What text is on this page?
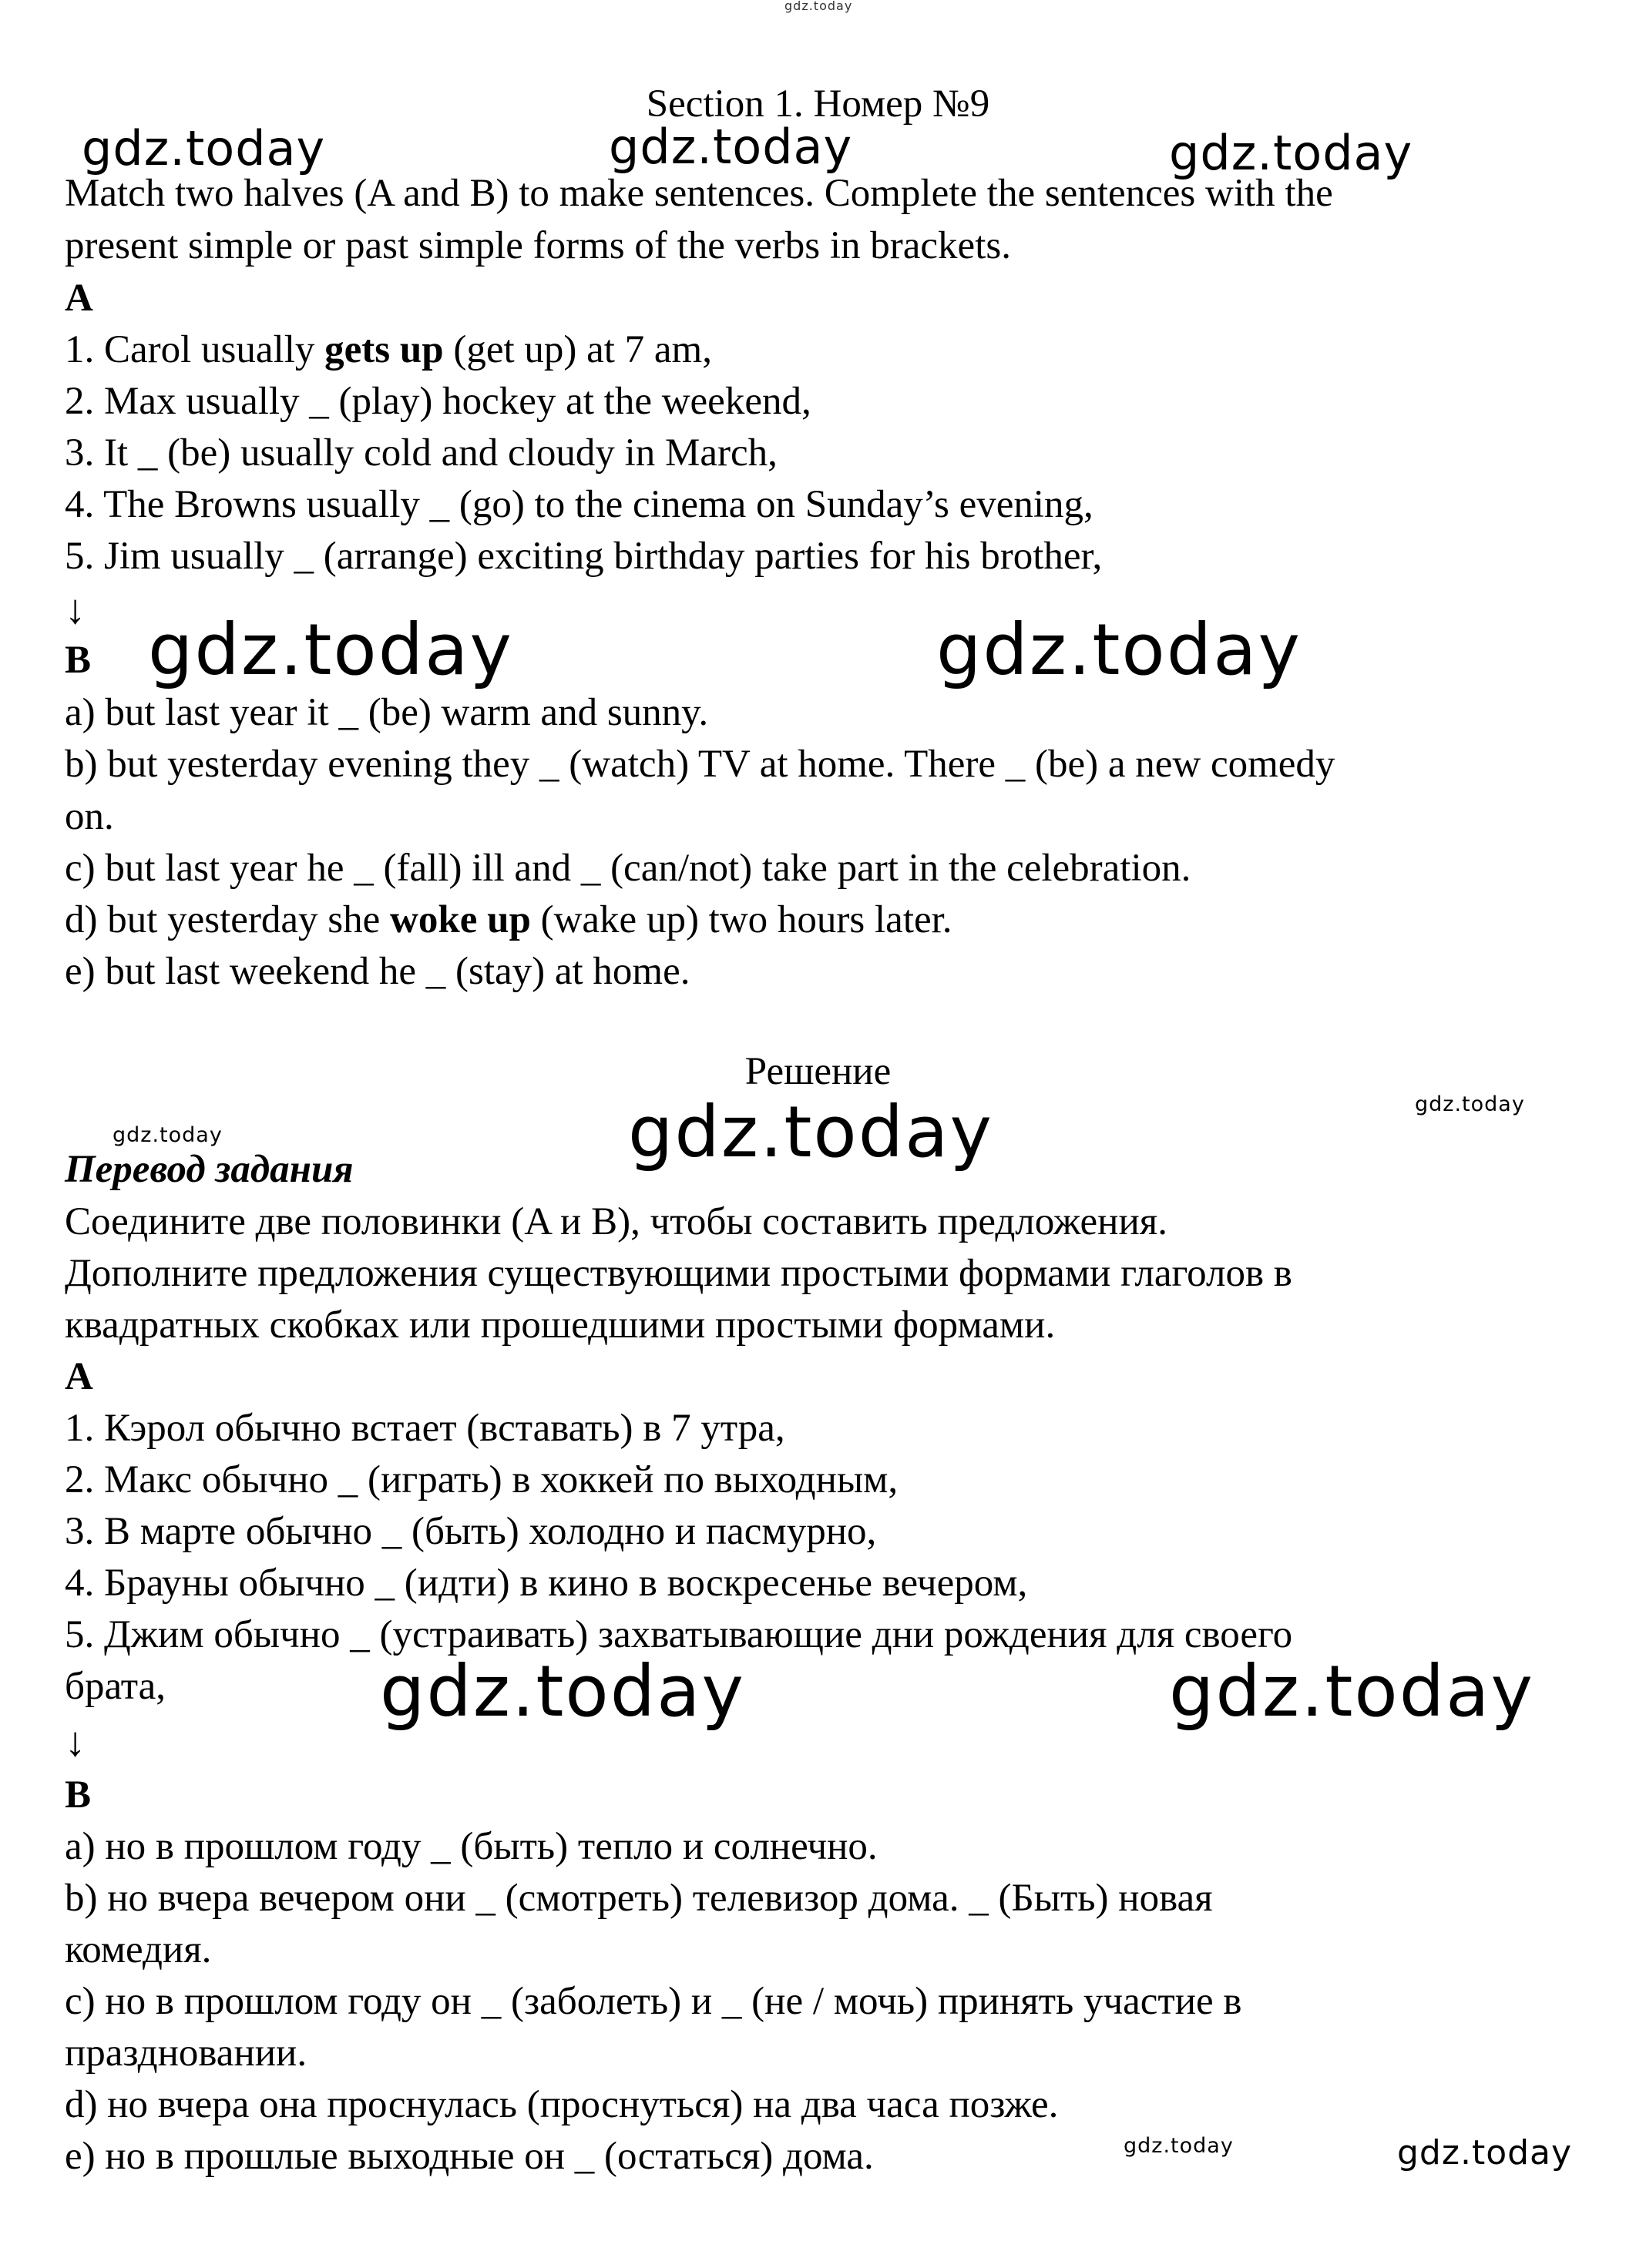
gdz.today
gdz.today	gdz.today	gdz.today
gdz.today	gdz.today
gdz.today	gdz.today	gdz.today
gdz.today	gdz.today
gdz.today	gdz.today
Section 1. Номер №9
Match two halves (A and B) to make sentences. Complete the sentences with the
present simple or past simple forms of the verbs in brackets.
A
1. Carol usually gets up (get up) at 7 am,
2. Max usually _ (play) hockey at the weekend,
3. It _ (be) usually cold and cloudy in March,
4. The Browns usually _ (go) to the cinema on Sunday’s evening,
5. Jim usually _ (arrange) exciting birthday parties for his brother,
↓
B
a) but last year it _ (be) warm and sunny.
b) but yesterday evening they _ (watch) TV at home. There _ (be) a new comedy
on.
c) but last year he _ (fall) ill and _ (can/not) take part in the celebration.
d) but yesterday she woke up (wake up) two hours later.
e) but last weekend he _ (stay) at home.
Решение
Перевод задания
Соедините две половинки (A и B), чтобы составить предложения.
Дополните предложения существующими простыми формами глаголов в
квадратных скобках или прошедшими простыми формами.
A
1. Кэрол обычно встает (вставать) в 7 утра,
2. Макс обычно _ (играть) в хоккей по выходным,
3. В марте обычно _ (быть) холодно и пасмурно,
4. Брауны обычно _ (идти) в кино в воскресенье вечером,
5. Джим обычно _ (устраивать) захватывающие дни рождения для своего
брата,
↓
B
a) но в прошлом году _ (быть) тепло и солнечно.
b) но вчера вечером они _ (смотреть) телевизор дома. _ (Быть) новая
комедия.
c) но в прошлом году он _ (заболеть) и _ (не / мочь) принять участие в
праздновании.
d) но вчера она проснулась (проснуться) на два часа позже.
e) но в прошлые выходные он _ (остаться) дома.
